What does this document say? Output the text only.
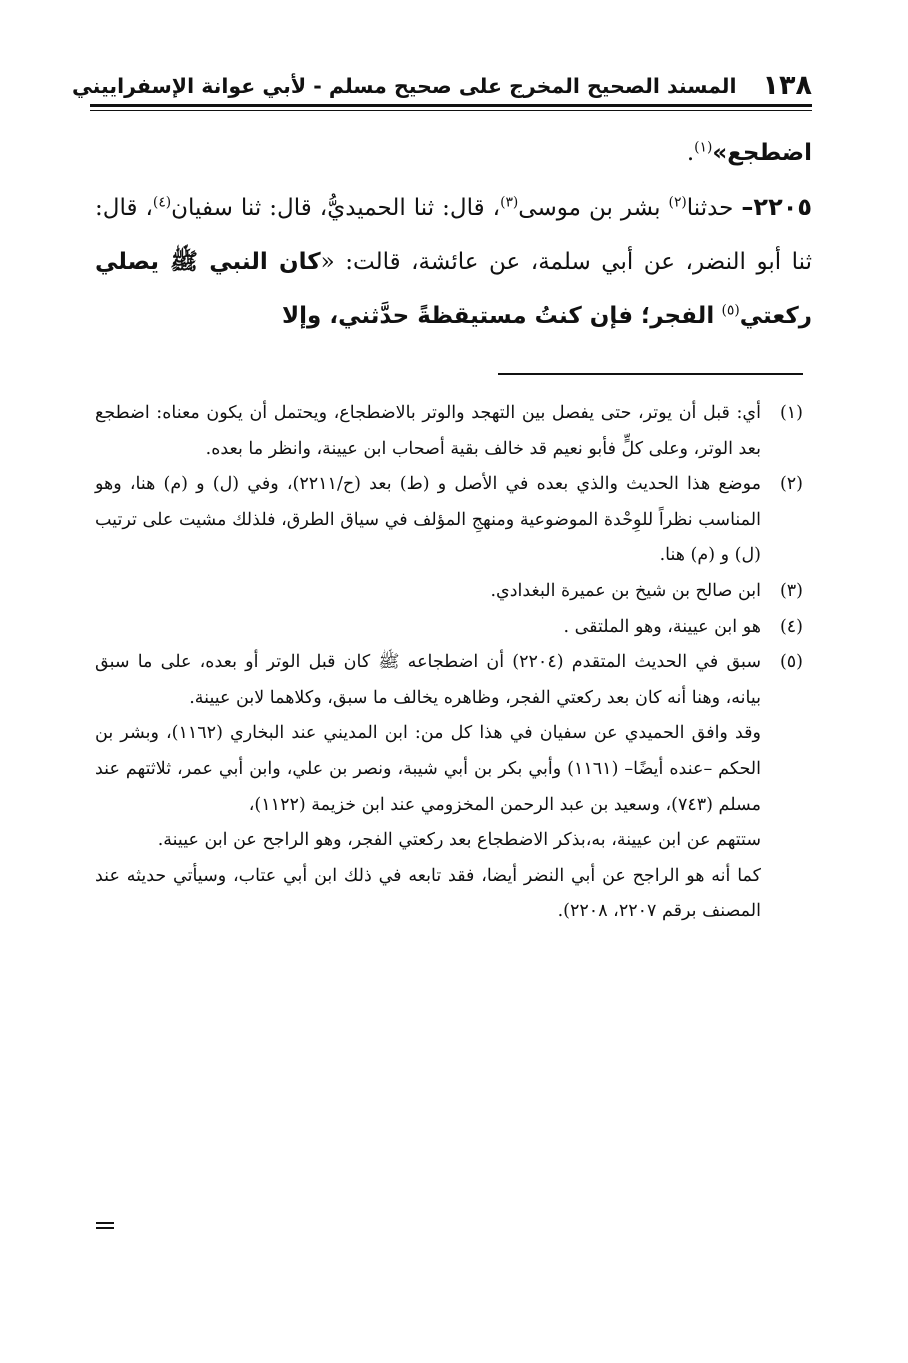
١٣٨
المسند الصحيح المخرج على صحيح مسلم - لأبي عوانة الإسفراييني

اضطجع»$^{(١)}$.

٢٢٠٥– حدثنا$^{(٢)}$ بشر بن موسى$^{(٣)}$، قال: ثنا الحميديُّ، قال: ثنا سفيان$^{(٤)}$، قال: ثنا أبو النضر، عن أبي سلمة، عن عائشة، قالت: «كان النبي ﷺ يصلي ركعتي$^{(٥)}$ الفجر؛ فإن كنتُ مستيقظةً حدَّثني، وإلا

(١)أي: قبل أن يوتر، حتى يفصل بين التهجد والوتر بالاضطجاع، ويحتمل أن يكون معناه: اضطجع بعد الوتر، وعلى كلٍّ فأبو نعيم قد خالف بقية أصحاب ابن عيينة، وانظر ما بعده.

(٢)موضع هذا الحديث والذي بعده في الأصل و (ط) بعد (ح/٢٢١١)، وفي (ل) و (م) هنا، وهو المناسب نظراً للوِحْدة الموضوعية ومنهجِ المؤلف في سياق الطرق، فلذلك مشيت على ترتيب (ل) و (م) هنا.

(٣)ابن صالح بن شيخ بن عميرة البغدادي.

(٤)هو ابن عيينة، وهو الملتقى .

(٥)سبق في الحديث المتقدم (٢٢٠٤) أن اضطجاعه ﷺ كان قبل الوتر أو بعده، على ما سبق بيانه، وهنا أنه كان بعد ركعتي الفجر، وظاهره يخالف ما سبق، وكلاهما لابن عيينة.

وقد وافق الحميدي عن سفيان في هذا كل من: ابن المديني عند البخاري (١١٦٢)، وبشر بن الحكم –عنده أيضًا– (١١٦١) وأبي بكر بن أبي شيبة، ونصر بن علي، وابن أبي عمر، ثلاثتهم عند مسلم (٧٤٣)، وسعيد بن عبد الرحمن المخزومي عند ابن خزيمة (١١٢٢)،

ستتهم عن ابن عيينة، به،بذكر الاضطجاع بعد ركعتي الفجر، وهو الراجح عن ابن عيينة.

كما أنه هو الراجح عن أبي النضر أيضا، فقد تابعه في ذلك ابن أبي عتاب، وسيأتي حديثه عند المصنف برقم ٢٢٠٧، ٢٢٠٨).
